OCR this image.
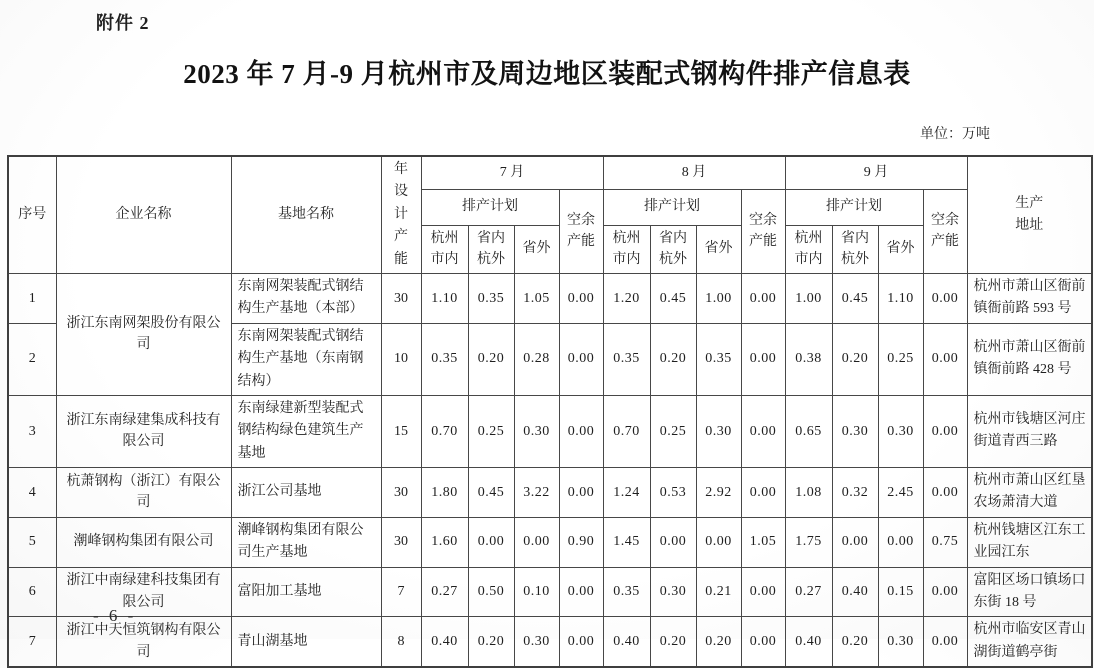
附件 2
2023 年 7 月-9 月杭州市及周边地区装配式钢构件排产信息表
单位：万吨
序号	企业名称	基地名称	年设计产能	7 月				8 月				9 月				生产地址
				排产计划			空余产能	排产计划			空余产能	排产计划			空余产能	
				杭州市内	省内杭外	省外		杭州市内	省内杭外	省外		杭州市内	省内杭外	省外		
1	浙江东南网架股份有限公司	东南网架装配式钢结构生产基地（本部）	30	1.10	0.35	1.05	0.00	1.20	0.45	1.00	0.00	1.00	0.45	1.10	0.00	杭州市萧山区衙前镇衙前路 593 号
2		东南网架装配式钢结构生产基地（东南钢结构）	10	0.35	0.20	0.28	0.00	0.35	0.20	0.35	0.00	0.38	0.20	0.25	0.00	杭州市萧山区衙前镇衙前路 428 号
3	浙江东南绿建集成科技有限公司	东南绿建新型装配式钢结构绿色建筑生产基地	15	0.70	0.25	0.30	0.00	0.70	0.25	0.30	0.00	0.65	0.30	0.30	0.00	杭州市钱塘区河庄街道青西三路
4	杭萧钢构（浙江）有限公司	浙江公司基地	30	1.80	0.45	3.22	0.00	1.24	0.53	2.92	0.00	1.08	0.32	2.45	0.00	杭州市萧山区红垦农场萧清大道
5	潮峰钢构集团有限公司	潮峰钢构集团有限公司生产基地	30	1.60	0.00	0.00	0.90	1.45	0.00	0.00	1.05	1.75	0.00	0.00	0.75	杭州钱塘区江东工业园江东
6	浙江中南绿建科技集团有限公司	富阳加工基地	7	0.27	0.50	0.10	0.00	0.35	0.30	0.21	0.00	0.27	0.40	0.15	0.00	富阳区场口镇场口东街 18 号
7	浙江中天恒筑钢构有限公司	青山湖基地	8	0.40	0.20	0.30	0.00	0.40	0.20	0.20	0.00	0.40	0.20	0.30	0.00	杭州市临安区青山湖街道鹤亭街
- 6 -
